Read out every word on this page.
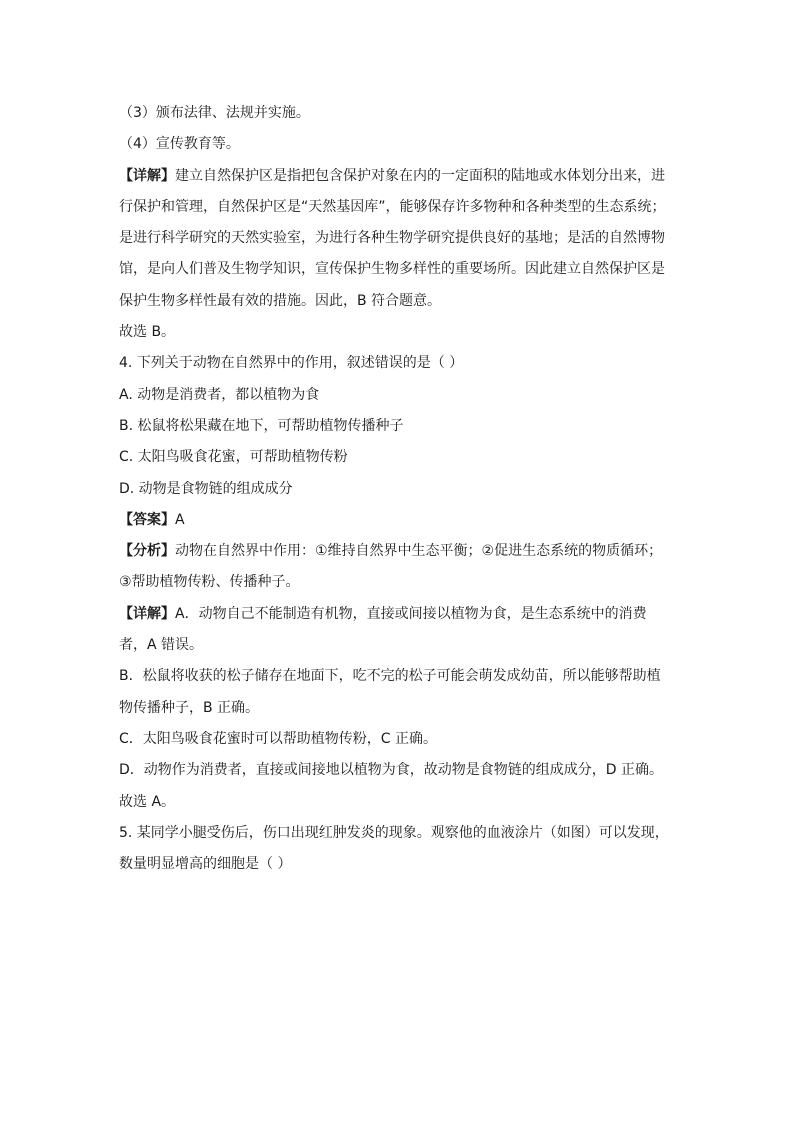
（3）颁布法律、法规并实施。
（4）宣传教育等。
【详解】建立自然保护区是指把包含保护对象在内的一定面积的陆地或水体划分出来，进
行保护和管理，自然保护区是“天然基因库”，能够保存许多物种和各种类型的生态系统；
是进行科学研究的天然实验室，为进行各种生物学研究提供良好的基地；是活的自然博物
馆，是向人们普及生物学知识，宣传保护生物多样性的重要场所。因此建立自然保护区是
保护生物多样性最有效的措施。因此，B 符合题意。
故选 B。
4. 下列关于动物在自然界中的作用，叙述错误的是（ ）
A. 动物是消费者，都以植物为食
B. 松鼠将松果藏在地下，可帮助植物传播种子
C. 太阳鸟吸食花蜜，可帮助植物传粉
D. 动物是食物链的组成成分
【答案】A
【分析】动物在自然界中作用：①维持自然界中生态平衡；②促进生态系统的物质循环；
③帮助植物传粉、传播种子。
【详解】A．动物自己不能制造有机物，直接或间接以植物为食，是生态系统中的消费
者，A 错误。
B．松鼠将收获的松子储存在地面下，吃不完的松子可能会萌发成幼苗，所以能够帮助植
物传播种子，B 正确。
C．太阳鸟吸食花蜜时可以帮助植物传粉，C 正确。
D．动物作为消费者，直接或间接地以植物为食，故动物是食物链的组成成分，D 正确。
故选 A。
5. 某同学小腿受伤后，伤口出现红肿发炎的现象。观察他的血液涂片（如图）可以发现，
数量明显增高的细胞是（ ）
